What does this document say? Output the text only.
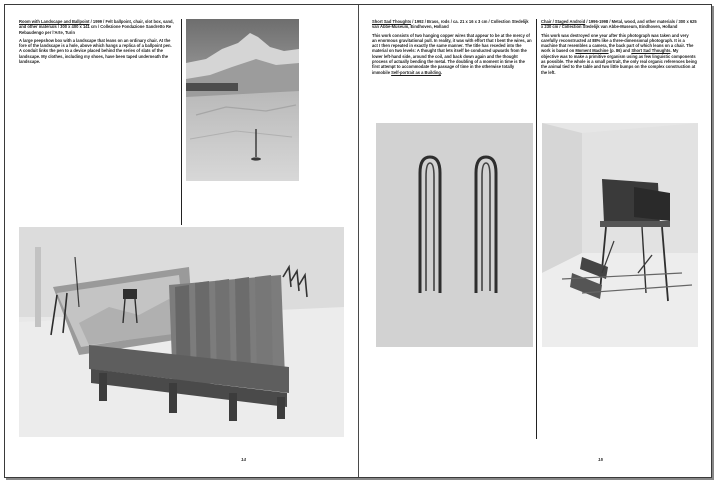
Room with Landscape and Ballpoint / 1999 / Felt ballpoint, chair, slot box, sand, and other materials / 300 x 400 x 141 cm / Collezione Fondazione Sandretto Re Rebaudengo per l'Arte, Turin

A large peepshow box with a landscape that leans on an ordinary chair. At the fore of the landscape is a hole, above which hangs a replica of a ballpoint pen. A conduit links the pen to a device placed behind the series of slats of the landscape. My clothes, including my shoes, have been taped underneath the landscape.

14

Short Sad Thoughts / 1992 / Brass, rods / ca. 21 x 16 x 3 cm / Collection Stedelijk van Abbe-Museum, Eindhoven, Holland

This work consists of two hanging copper wires that appear to be at the mercy of an enormous gravitational pull. In reality, it was with effort that I bent the wires, an act I then repeated in exactly the same manner. The title has receded into the material on two levels: A thought that lets itself be conducted upwards from the lower left-hand side, around the coil, and back down again and the thought process of actually bending the metal. The doubling of a moment in time is the first attempt to accommodate the passage of time in the otherwise totally immobile Self-portrait as a Building.

Chair / Staged Android / 1996-1998 / Metal, wood, and other materials / 300 x 625 x 230 cm / Collection Stedelijk van Abbe-Museum, Eindhoven, Holland

This work was destroyed one year after this photograph was taken and very carefully reconstructed at 88% like a three-dimensional photograph. It is a machine that resembles a camera, the back part of which leans on a chair. The work is based on Moment Machine (p. 86) and Short Sad Thoughts. My objective was to make a primitive organism using as few linguistic components as possible. The whole is a small portrait, the only real organic references being the animal tied to the table and two little bumps on the complex construction at the left.

15
